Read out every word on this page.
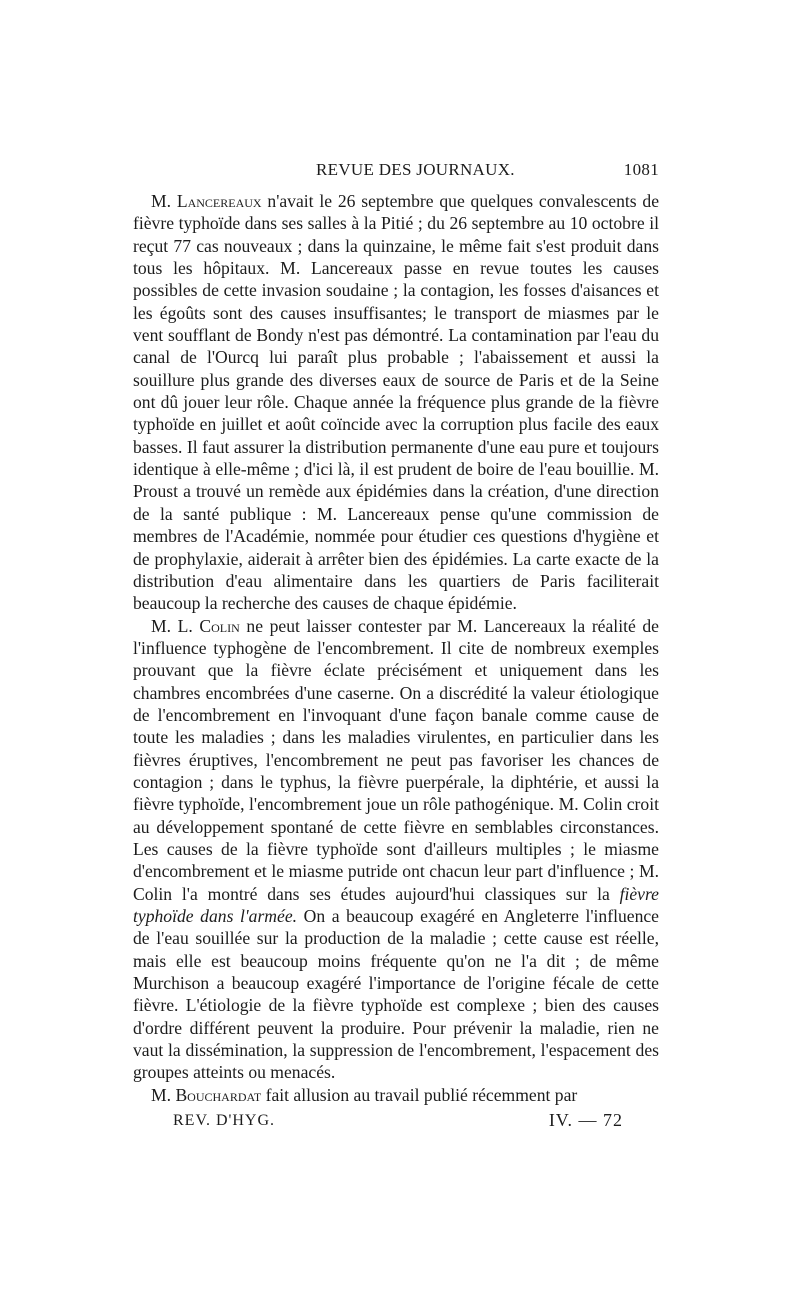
REVUE DES JOURNAUX.	1081

M. Lancereaux n'avait le 26 septembre que quelques convalescents de fièvre typhoïde dans ses salles à la Pitié ; du 26 septembre au 10 octobre il reçut 77 cas nouveaux ; dans la quinzaine, le même fait s'est produit dans tous les hôpitaux. M. Lancereaux passe en revue toutes les causes possibles de cette invasion soudaine ; la contagion, les fosses d'aisances et les égoûts sont des causes insuffisantes; le transport de miasmes par le vent soufflant de Bondy n'est pas démontré. La contamination par l'eau du canal de l'Ourcq lui paraît plus probable ; l'abaissement et aussi la souillure plus grande des diverses eaux de source de Paris et de la Seine ont dû jouer leur rôle. Chaque année la fréquence plus grande de la fièvre typhoïde en juillet et août coïncide avec la corruption plus facile des eaux basses. Il faut assurer la distribution permanente d'une eau pure et toujours identique à elle-même ; d'ici là, il est prudent de boire de l'eau bouillie. M. Proust a trouvé un remède aux épidémies dans la création, d'une direction de la santé publique : M. Lancereaux pense qu'une commission de membres de l'Académie, nommée pour étudier ces questions d'hygiène et de prophylaxie, aiderait à arrêter bien des épidémies. La carte exacte de la distribution d'eau alimentaire dans les quartiers de Paris faciliterait beaucoup la recherche des causes de chaque épidémie.

M. L. Colin ne peut laisser contester par M. Lancereaux la réalité de l'influence typhogène de l'encombrement. Il cite de nombreux exemples prouvant que la fièvre éclate précisément et uniquement dans les chambres encombrées d'une caserne. On a discrédité la valeur étiologique de l'encombrement en l'invoquant d'une façon banale comme cause de toute les maladies ; dans les maladies virulentes, en particulier dans les fièvres éruptives, l'encombrement ne peut pas favoriser les chances de contagion ; dans le typhus, la fièvre puerpérale, la diphtérie, et aussi la fièvre typhoïde, l'encombrement joue un rôle pathogénique. M. Colin croit au développement spontané de cette fièvre en semblables circonstances. Les causes de la fièvre typhoïde sont d'ailleurs multiples ; le miasme d'encombrement et le miasme putride ont chacun leur part d'influence ; M. Colin l'a montré dans ses études aujourd'hui classiques sur la fièvre typhoïde dans l'armée. On a beaucoup exagéré en Angleterre l'influence de l'eau souillée sur la production de la maladie ; cette cause est réelle, mais elle est beaucoup moins fréquente qu'on ne l'a dit ; de même Murchison a beaucoup exagéré l'importance de l'origine fécale de cette fièvre. L'étiologie de la fièvre typhoïde est complexe ; bien des causes d'ordre différent peuvent la produire. Pour prévenir la maladie, rien ne vaut la dissémination, la suppression de l'encombrement, l'espacement des groupes atteints ou menacés.

M. Bouchardat fait allusion au travail publié récemment par

REV. D'HYG.	IV. — 72
